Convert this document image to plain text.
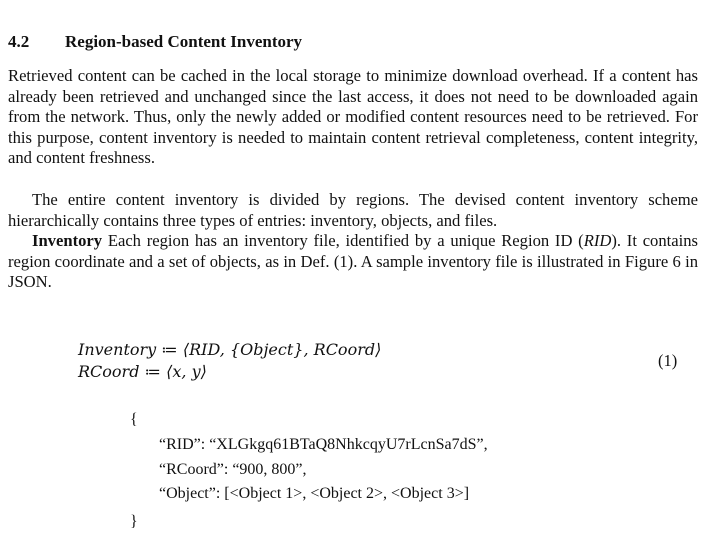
4.2 Region-based Content Inventory

Retrieved content can be cached in the local storage to minimize download overhead. If a content has already been retrieved and unchanged since the last access, it does not need to be downloaded again from the network. Thus, only the newly added or modified content resources need to be retrieved. For this purpose, content inventory is needed to maintain content retrieval completeness, content integrity, and content freshness.

The entire content inventory is divided by regions. The devised content inventory scheme hierarchically contains three types of entries: inventory, objects, and files.

Inventory Each region has an inventory file, identified by a unique Region ID (RID). It contains region coordinate and a set of objects, as in Def. (1). A sample inventory file is illustrated in Figure 6 in JSON.

Inventory ≔ ⟨RID, {Object}, RCoord⟩
RCoord ≔ ⟨x, y⟩
(1)
{
“RID”: “XLGkgq61BTaQ8NhkcqyU7rLcnSa7dS”,
“RCoord”: “900, 800”,
“Object”: [<Object 1>, <Object 2>, <Object 3>]
}
